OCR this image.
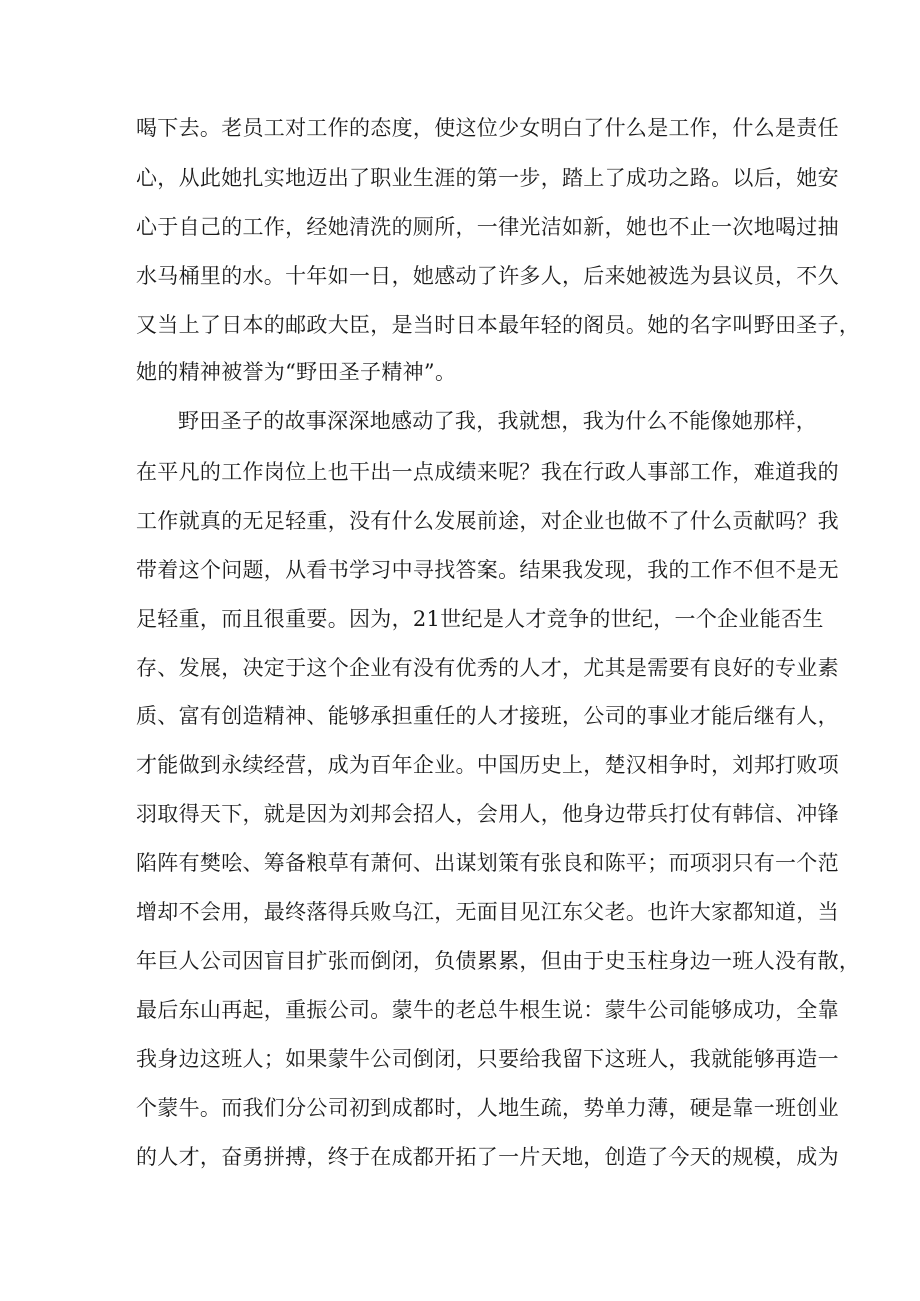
喝下去。老员工对工作的态度，使这位少女明白了什么是工作，什么是责任
心，从此她扎实地迈出了职业生涯的第一步，踏上了成功之路。以后，她安
心于自己的工作，经她清洗的厕所，一律光洁如新，她也不止一次地喝过抽
水马桶里的水。十年如一日，她感动了许多人，后来她被选为县议员，不久
又当上了日本的邮政大臣，是当时日本最年轻的阁员。她的名字叫野田圣子，
她的精神被誉为“野田圣子精神”。
野田圣子的故事深深地感动了我，我就想，我为什么不能像她那样，
在平凡的工作岗位上也干出一点成绩来呢？我在行政人事部工作，难道我的
工作就真的无足轻重，没有什么发展前途，对企业也做不了什么贡献吗？我
带着这个问题，从看书学习中寻找答案。结果我发现，我的工作不但不是无
足轻重，而且很重要。因为，21世纪是人才竞争的世纪，一个企业能否生
存、发展，决定于这个企业有没有优秀的人才，尤其是需要有良好的专业素
质、富有创造精神、能够承担重任的人才接班，公司的事业才能后继有人，
才能做到永续经营，成为百年企业。中国历史上，楚汉相争时，刘邦打败项
羽取得天下，就是因为刘邦会招人，会用人，他身边带兵打仗有韩信、冲锋
陷阵有樊哙、筹备粮草有萧何、出谋划策有张良和陈平；而项羽只有一个范
增却不会用，最终落得兵败乌江，无面目见江东父老。也许大家都知道，当
年巨人公司因盲目扩张而倒闭，负债累累，但由于史玉柱身边一班人没有散，
最后东山再起，重振公司。蒙牛的老总牛根生说：蒙牛公司能够成功，全靠
我身边这班人；如果蒙牛公司倒闭，只要给我留下这班人，我就能够再造一
个蒙牛。而我们分公司初到成都时，人地生疏，势单力薄，硬是靠一班创业
的人才，奋勇拼搏，终于在成都开拓了一片天地，创造了今天的规模，成为
